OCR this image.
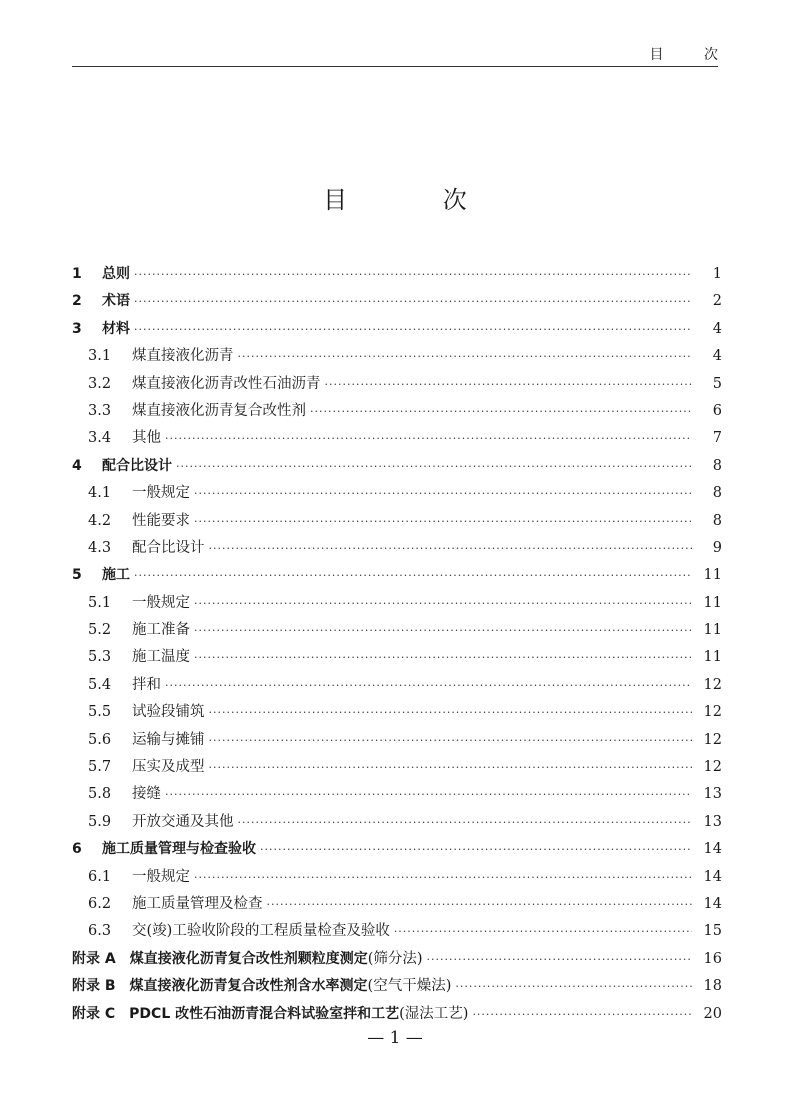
目 次
目 次
1	总则 ·····	1
2	术语 ·····	2
3	材料 ·····	4
3.1	煤直接液化沥青 ·····	4
3.2	煤直接液化沥青改性石油沥青 ·····	5
3.3	煤直接液化沥青复合改性剂 ·····	6
3.4	其他 ·····	7
4	配合比设计 ·····	8
4.1	一般规定 ·····	8
4.2	性能要求 ·····	8
4.3	配合比设计 ·····	9
5	施工 ·····	11
5.1	一般规定 ·····	11
5.2	施工准备 ·····	11
5.3	施工温度 ·····	11
5.4	拌和 ·····	12
5.5	试验段铺筑 ·····	12
5.6	运输与摊铺 ·····	12
5.7	压实及成型 ·····	12
5.8	接缝 ·····	13
5.9	开放交通及其他 ·····	13
6	施工质量管理与检查验收 ·····	14
6.1	一般规定 ·····	14
6.2	施工质量管理及检查 ·····	14
6.3	交(竣)工验收阶段的工程质量检查及验收 ·····	15
附录 A 煤直接液化沥青复合改性剂颗粒度测定(筛分法) ·····	16
附录 B 煤直接液化沥青复合改性剂含水率测定(空气干燥法) ·····	18
附录 C PDCL 改性石油沥青混合料试验室拌和工艺(湿法工艺) ·····	20
— 1 —
